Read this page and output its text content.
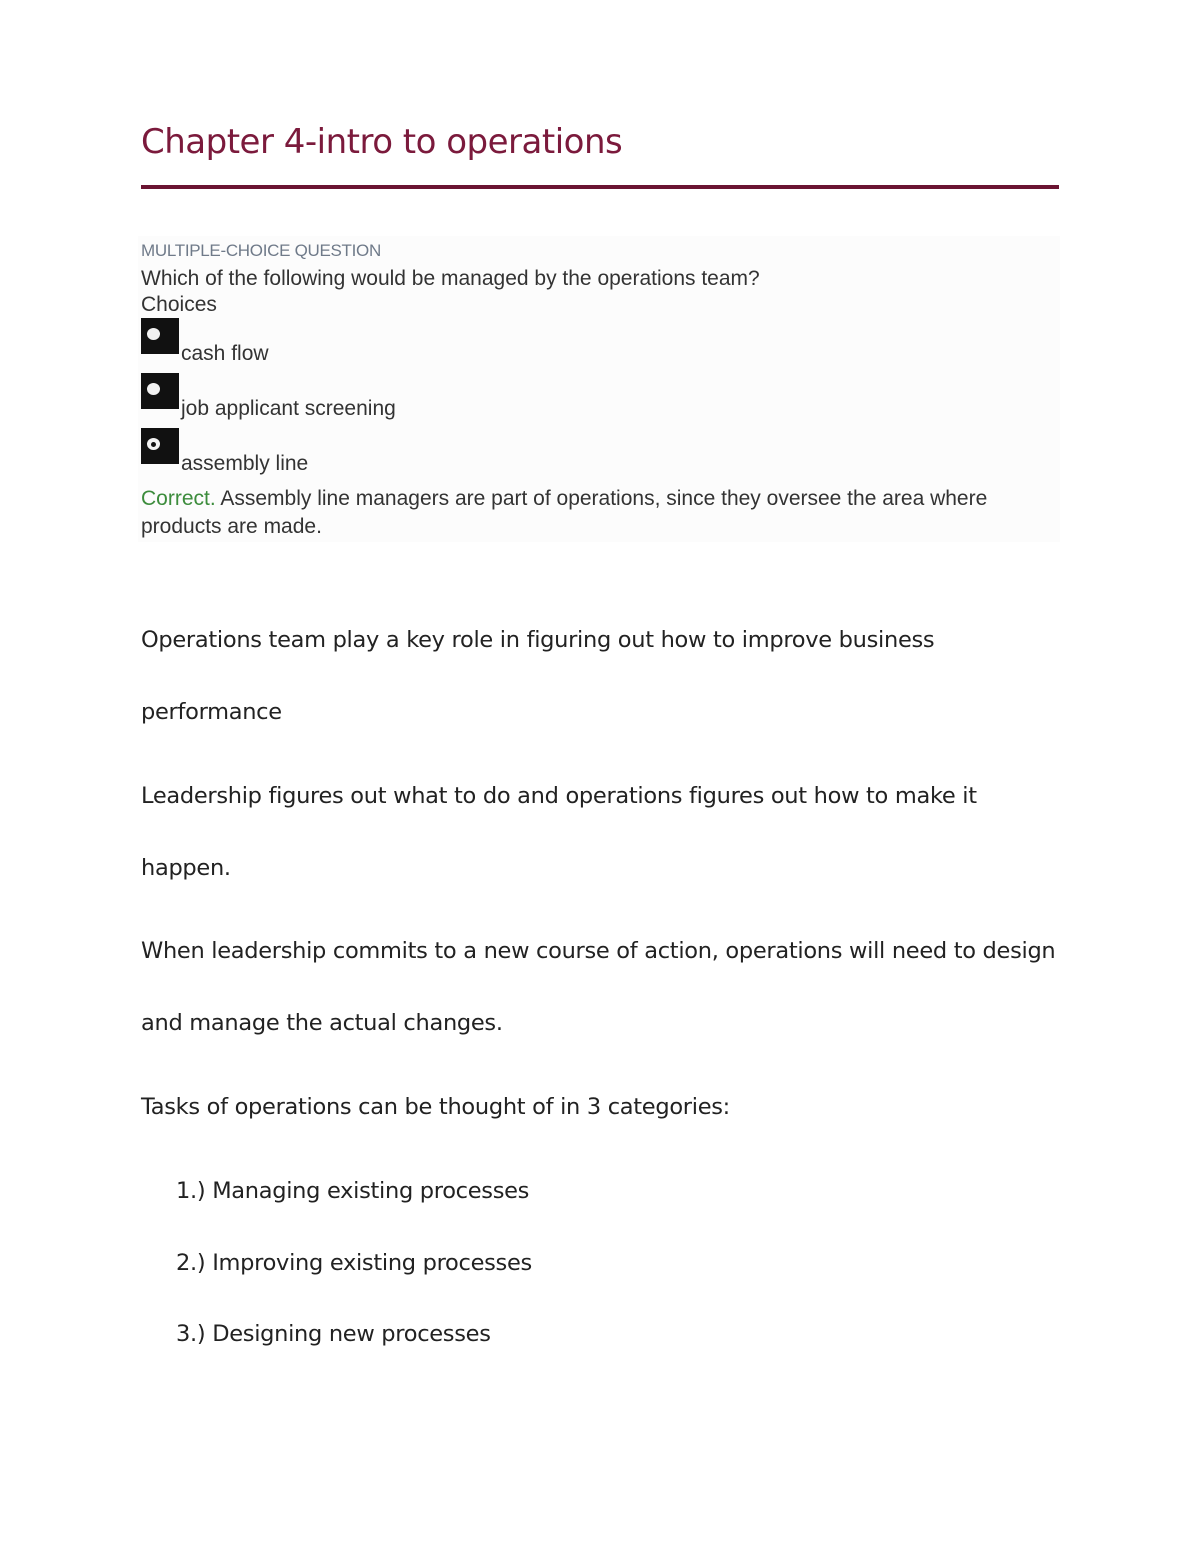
Chapter 4-intro to operations
MULTIPLE-CHOICE QUESTION
Which of the following would be managed by the operations team?
Choices
cash flow
job applicant screening
assembly line
Correct. Assembly line managers are part of operations, since they oversee the area where products are made.

Operations team play a key role in figuring out how to improve business performance

Leadership figures out what to do and operations figures out how to make it happen.

When leadership commits to a new course of action, operations will need to design and manage the actual changes.

Tasks of operations can be thought of in 3 categories:

1.) Managing existing processes
2.) Improving existing processes
3.) Designing new processes
